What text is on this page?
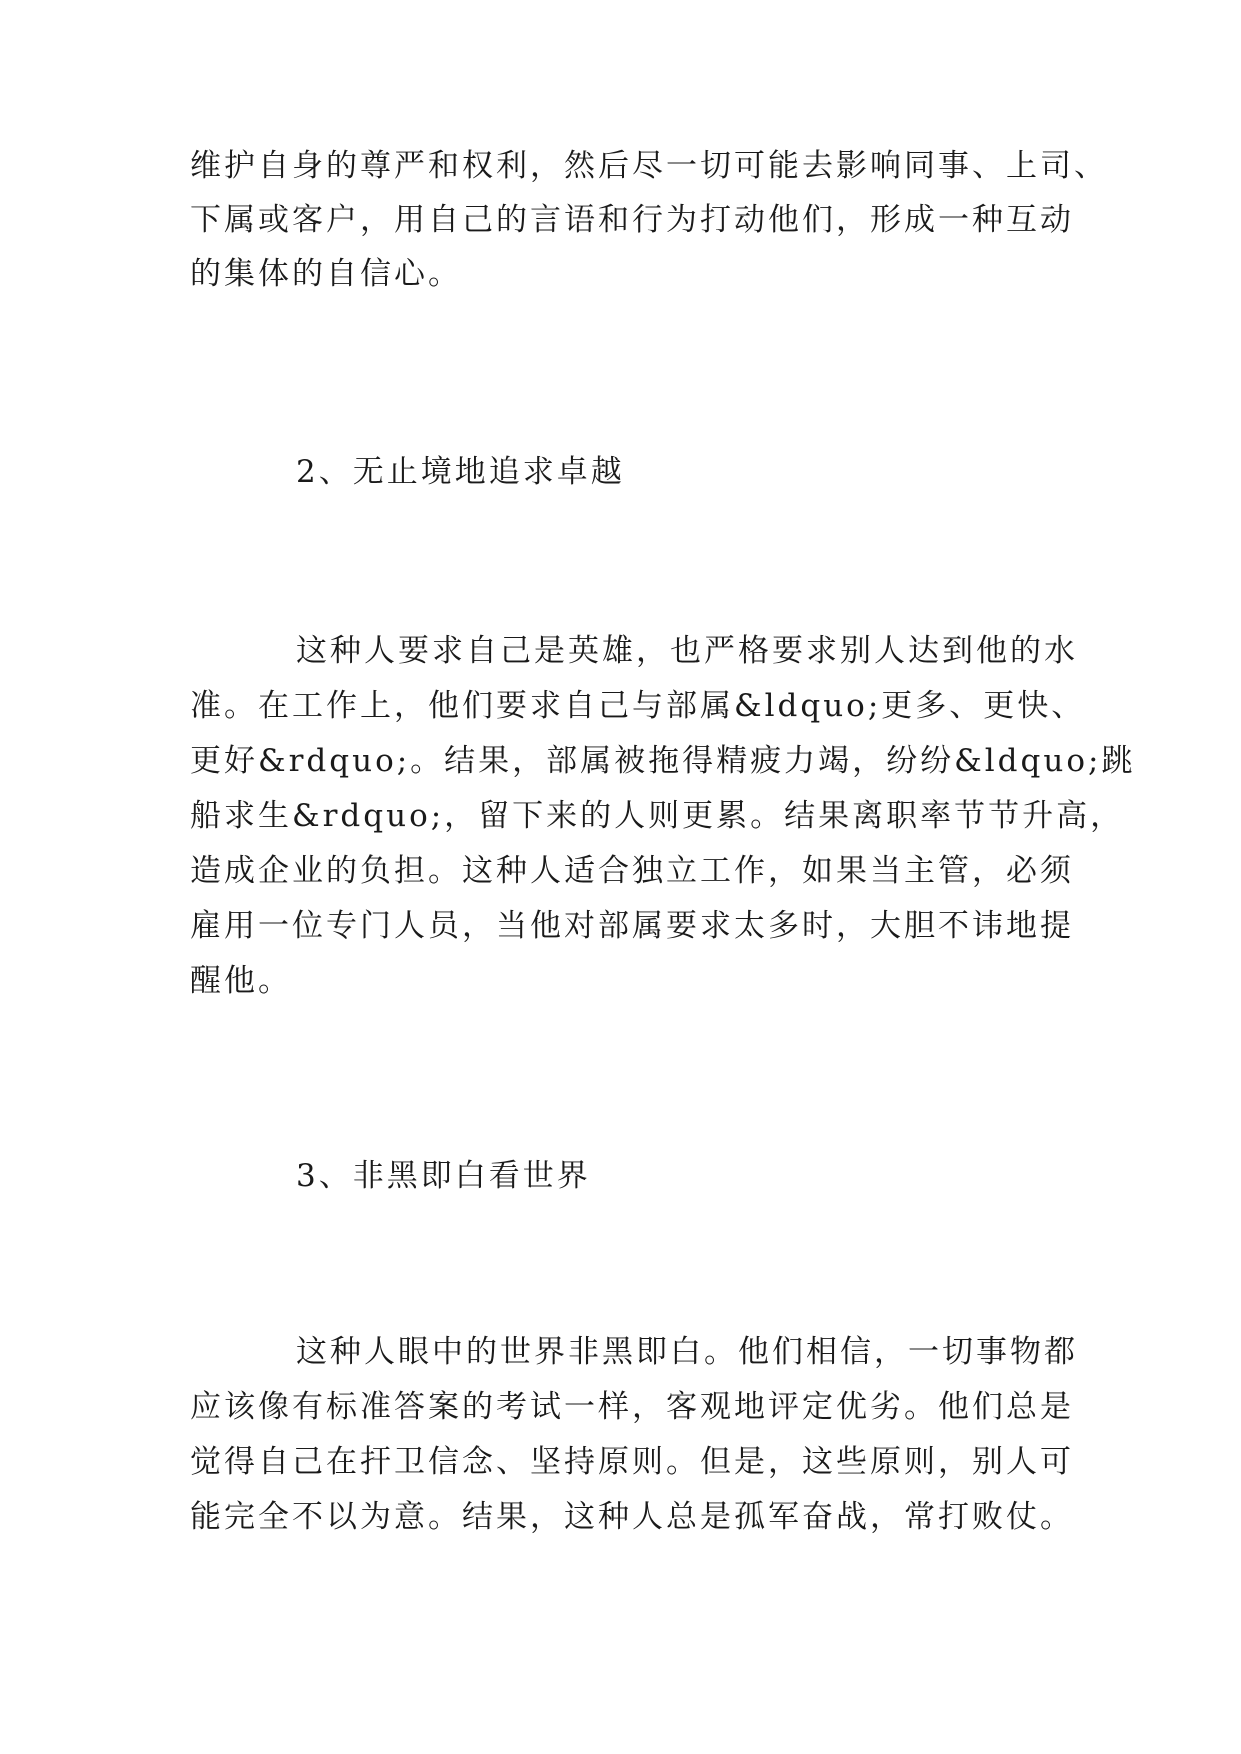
维护自身的尊严和权利，然后尽一切可能去影响同事、上司、
下属或客户，用自己的言语和行为打动他们，形成一种互动
的集体的自信心。
2、无止境地追求卓越
这种人要求自己是英雄，也严格要求别人达到他的水
准。在工作上，他们要求自己与部属&ldquo;更多、更快、
更好&rdquo;。结果，部属被拖得精疲力竭，纷纷&ldquo;跳
船求生&rdquo;，留下来的人则更累。结果离职率节节升高，
造成企业的负担。这种人适合独立工作，如果当主管，必须
雇用一位专门人员，当他对部属要求太多时，大胆不讳地提
醒他。
3、非黑即白看世界
这种人眼中的世界非黑即白。他们相信，一切事物都
应该像有标准答案的考试一样，客观地评定优劣。他们总是
觉得自己在扞卫信念、坚持原则。但是，这些原则，别人可
能完全不以为意。结果，这种人总是孤军奋战，常打败仗。
